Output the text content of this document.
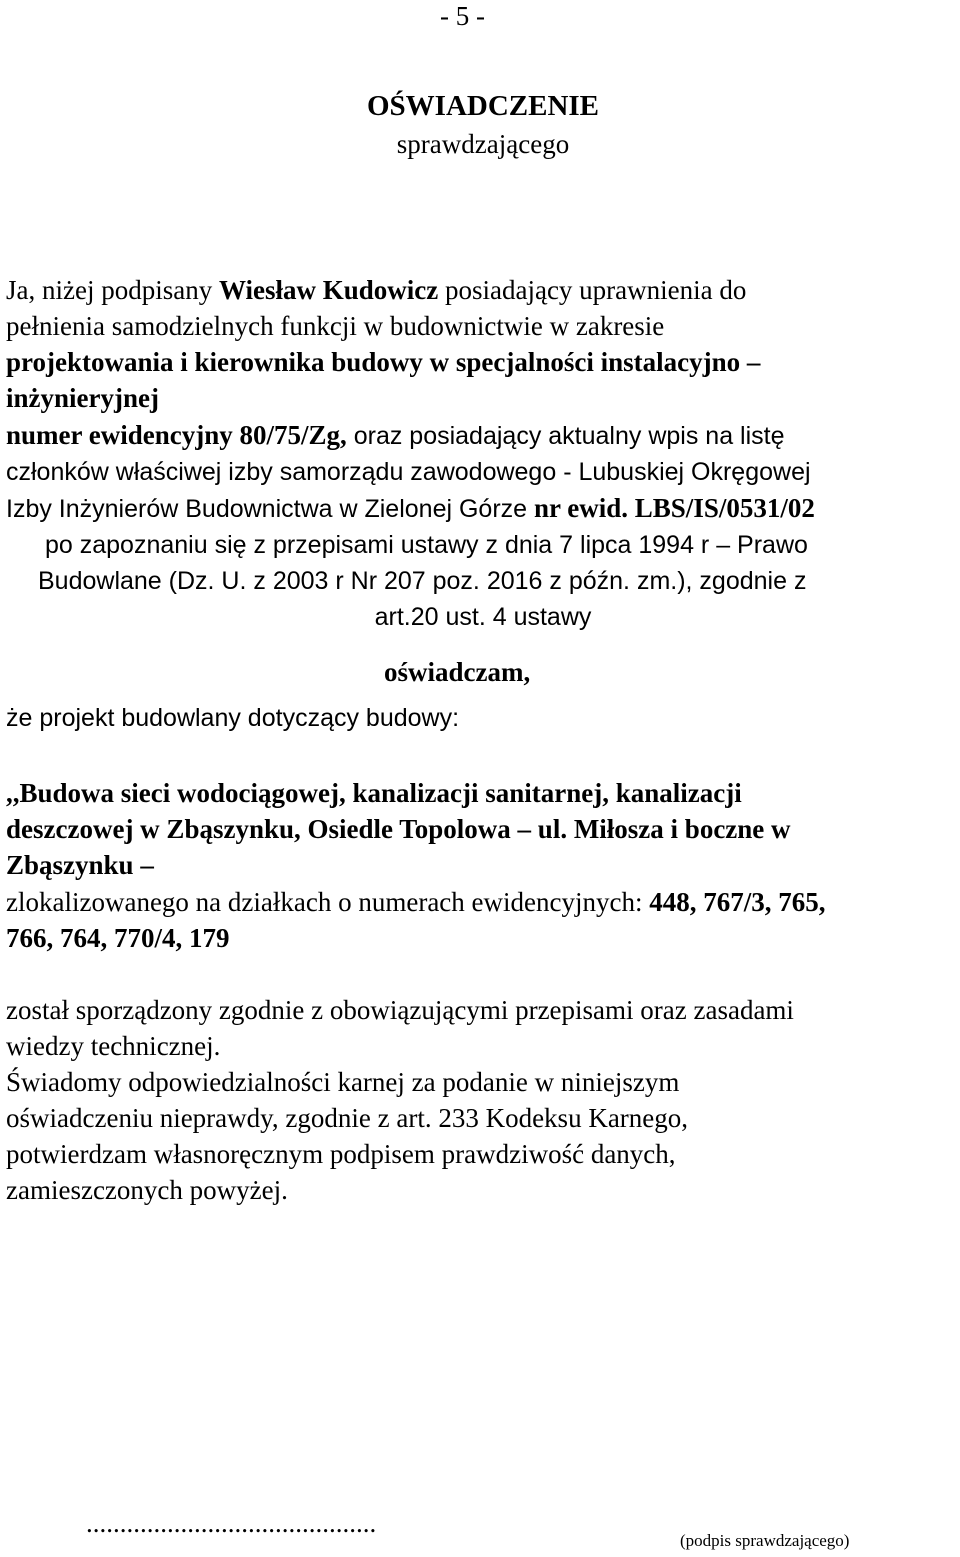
- 5 -
OŚWIADCZENIE
sprawdzającego
Ja, niżej podpisany Wiesław Kudowicz posiadający uprawnienia do
pełnienia samodzielnych funkcji w budownictwie w zakresie
projektowania i kierownika budowy w specjalności instalacyjno –
inżynieryjnej
numer ewidencyjny 80/75/Zg, oraz posiadający aktualny wpis na listę
członków właściwej izby samorządu zawodowego - Lubuskiej Okręgowej
Izby Inżynierów Budownictwa w Zielonej Górze nr ewid. LBS/IS/0531/02
po zapoznaniu się z przepisami ustawy z dnia 7 lipca 1994 r – Prawo
Budowlane (Dz. U. z 2003 r Nr 207 poz. 2016 z późn. zm.), zgodnie z
art.20 ust. 4 ustawy
oświadczam,
że projekt budowlany dotyczący budowy:
,,Budowa sieci wodociągowej, kanalizacji sanitarnej, kanalizacji
deszczowej w Zbąszynku, Osiedle Topolowa – ul. Miłosza i boczne w
Zbąszynku –
zlokalizowanego na działkach o numerach ewidencyjnych: 448, 767/3, 765,
766, 764, 770/4, 179
został sporządzony zgodnie z obowiązującymi przepisami oraz zasadami
wiedzy technicznej.
Świadomy odpowiedzialności karnej za podanie w niniejszym
oświadczeniu nieprawdy, zgodnie z art. 233 Kodeksu Karnego,
potwierdzam własnoręcznym podpisem prawdziwość danych,
zamieszczonych powyżej.
...........................................
(podpis sprawdzającego)
